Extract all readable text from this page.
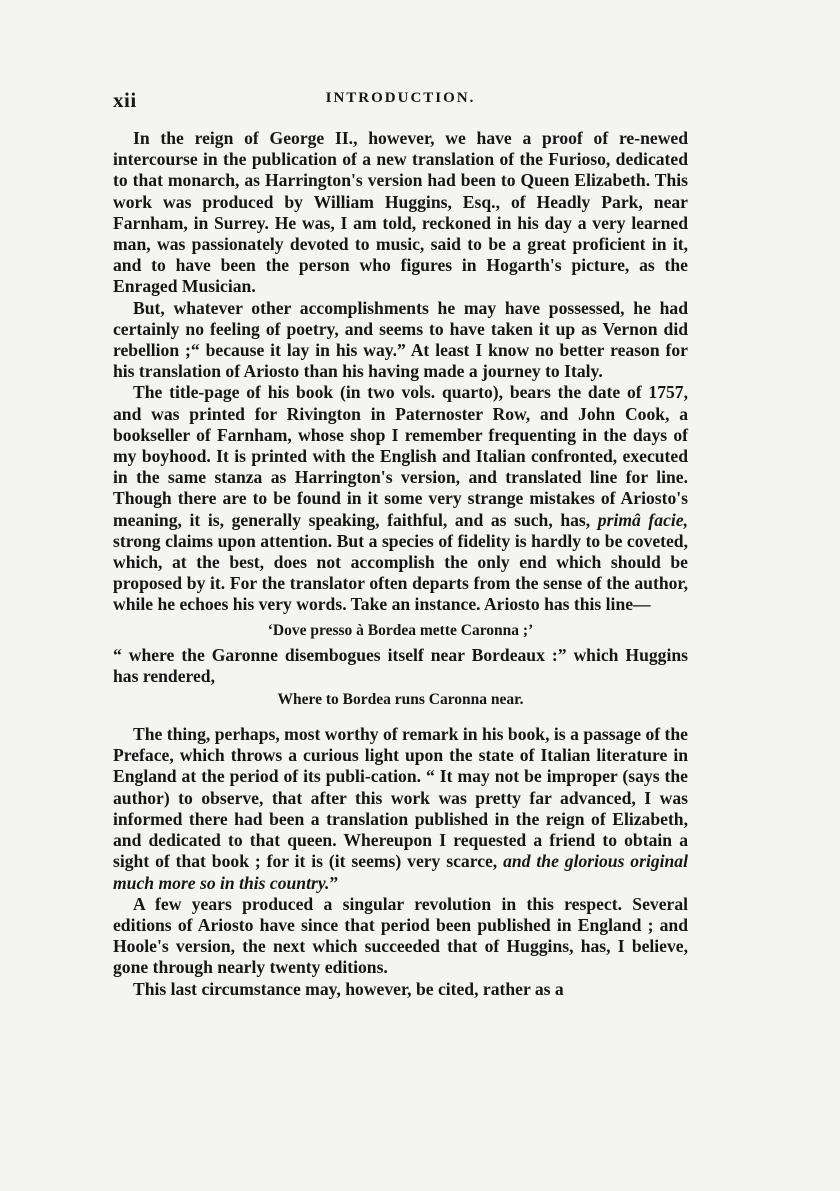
xii	INTRODUCTION.

In the reign of George II., however, we have a proof of re-newed intercourse in the publication of a new translation of the Furioso, dedicated to that monarch, as Harrington's version had been to Queen Elizabeth. This work was produced by William Huggins, Esq., of Headly Park, near Farnham, in Surrey. He was, I am told, reckoned in his day a very learned man, was passionately devoted to music, said to be a great proficient in it, and to have been the person who figures in Hogarth's picture, as the Enraged Musician.

But, whatever other accomplishments he may have possessed, he had certainly no feeling of poetry, and seems to have taken it up as Vernon did rebellion ;“ because it lay in his way.” At least I know no better reason for his translation of Ariosto than his having made a journey to Italy.

The title-page of his book (in two vols. quarto), bears the date of 1757, and was printed for Rivington in Paternoster Row, and John Cook, a bookseller of Farnham, whose shop I remember frequenting in the days of my boyhood. It is printed with the English and Italian confronted, executed in the same stanza as Harrington's version, and translated line for line. Though there are to be found in it some very strange mistakes of Ariosto's meaning, it is, generally speaking, faithful, and as such, has, primâ facie, strong claims upon attention. But a species of fidelity is hardly to be coveted, which, at the best, does not accomplish the only end which should be proposed by it. For the translator often departs from the sense of the author, while he echoes his very words. Take an instance. Ariosto has this line—

‘Dove presso à Bordea mette Caronna ;’

“ where the Garonne disembogues itself near Bordeaux :” which Huggins has rendered,

Where to Bordea runs Caronna near.

The thing, perhaps, most worthy of remark in his book, is a passage of the Preface, which throws a curious light upon the state of Italian literature in England at the period of its publi-cation. “ It may not be improper (says the author) to observe, that after this work was pretty far advanced, I was informed there had been a translation published in the reign of Elizabeth, and dedicated to that queen. Whereupon I requested a friend to obtain a sight of that book ; for it is (it seems) very scarce, and the glorious original much more so in this country.”

A few years produced a singular revolution in this respect. Several editions of Ariosto have since that period been published in England ; and Hoole's version, the next which succeeded that of Huggins, has, I believe, gone through nearly twenty editions.

This last circumstance may, however, be cited, rather as a
